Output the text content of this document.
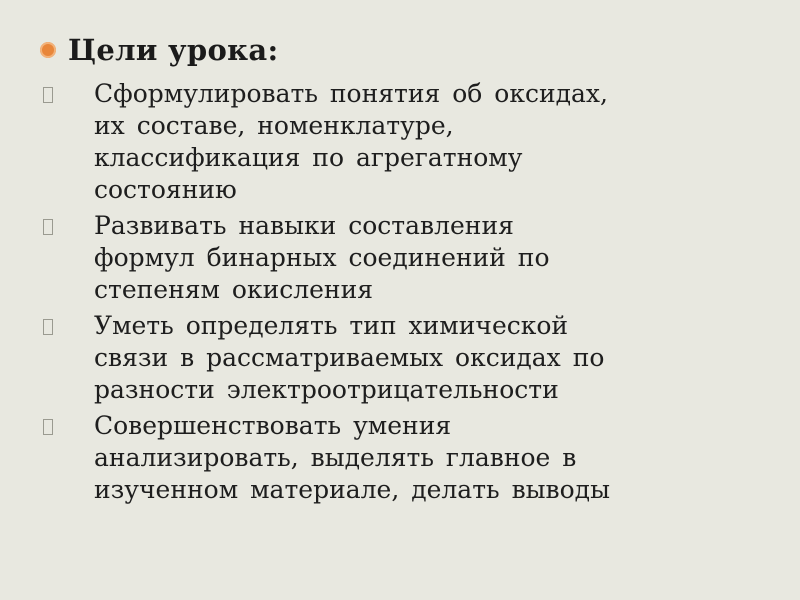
Цели урока:
Сформулировать понятия об оксидах,
их составе, номенклатуре,
классификация по агрегатному
состоянию
Развивать навыки составления
формул бинарных соединений по
степеням окисления
Уметь определять тип химической
связи в рассматриваемых оксидах по
разности электроотрицательности
Совершенствовать умения
анализировать, выделять главное в
изученном материале, делать выводы
